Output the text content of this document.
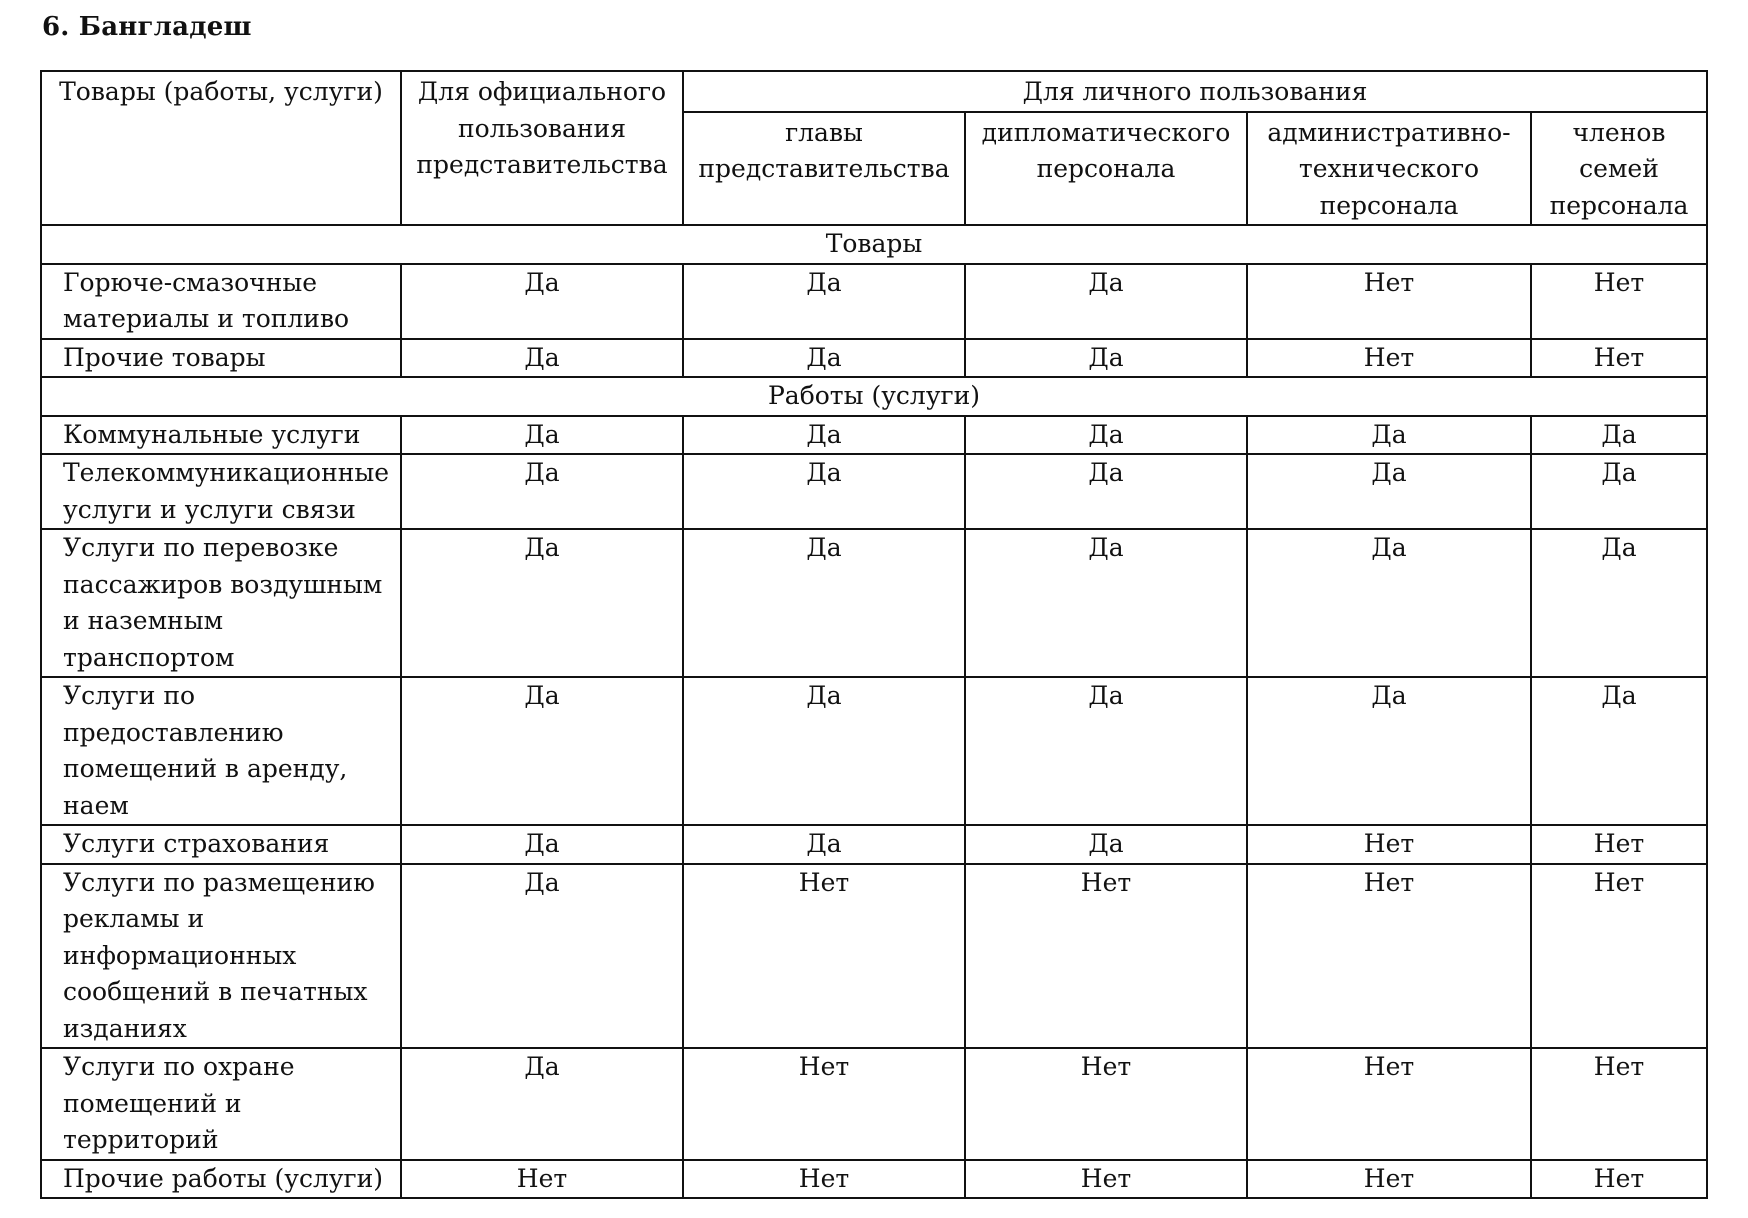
6. Бангладеш
Товары (работы, услуги)	Для официального пользования представительства	Для личного пользования			
		главы представительства	дипломатического персонала	административно-технического персонала	членов семей персонала
Товары					
Горюче-смазочные материалы и топливо	Да	Да	Да	Нет	Нет
Прочие товары	Да	Да	Да	Нет	Нет
Работы (услуги)					
Коммунальные услуги	Да	Да	Да	Да	Да
Телекоммуникационные услуги и услуги связи	Да	Да	Да	Да	Да
Услуги по перевозке пассажиров воздушным и наземным транспортом	Да	Да	Да	Да	Да
Услуги по предоставлению помещений в аренду, наем	Да	Да	Да	Да	Да
Услуги страхования	Да	Да	Да	Нет	Нет
Услуги по размещению рекламы и информационных сообщений в печатных изданиях	Да	Нет	Нет	Нет	Нет
Услуги по охране помещений и территорий	Да	Нет	Нет	Нет	Нет
Прочие работы (услуги)	Нет	Нет	Нет	Нет	Нет
